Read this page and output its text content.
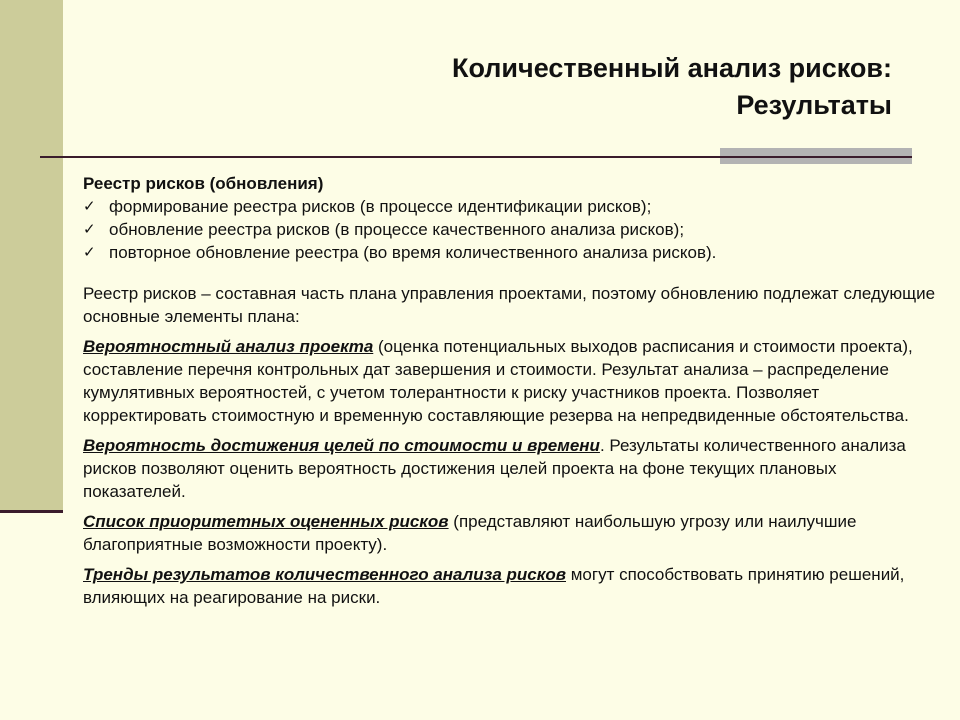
Количественный анализ рисков:
Результаты
Реестр рисков (обновления)
✓ формирование реестра рисков (в процессе идентификации рисков);
✓ обновление реестра рисков (в процессе качественного анализа рисков);
✓ повторное обновление реестра (во время количественного анализа рисков).

Реестр рисков – составная часть плана управления проектами, поэтому обновлению подлежат следующие основные элементы плана:

Вероятностный анализ проекта (оценка потенциальных выходов расписания и стоимости проекта), составление перечня контрольных дат завершения и стоимости. Результат анализа – распределение кумулятивных вероятностей, с учетом толерантности к риску участников проекта. Позволяет корректировать стоимостную и временную составляющие резерва на непредвиденные обстоятельства.

Вероятность достижения целей по стоимости и времени. Результаты количественного анализа рисков позволяют оценить вероятность достижения целей проекта на фоне текущих плановых показателей.

Список приоритетных оцененных рисков (представляют наибольшую угрозу или наилучшие благоприятные возможности проекту).

Тренды результатов количественного анализа рисков могут способствовать принятию решений, влияющих на реагирование на риски.
